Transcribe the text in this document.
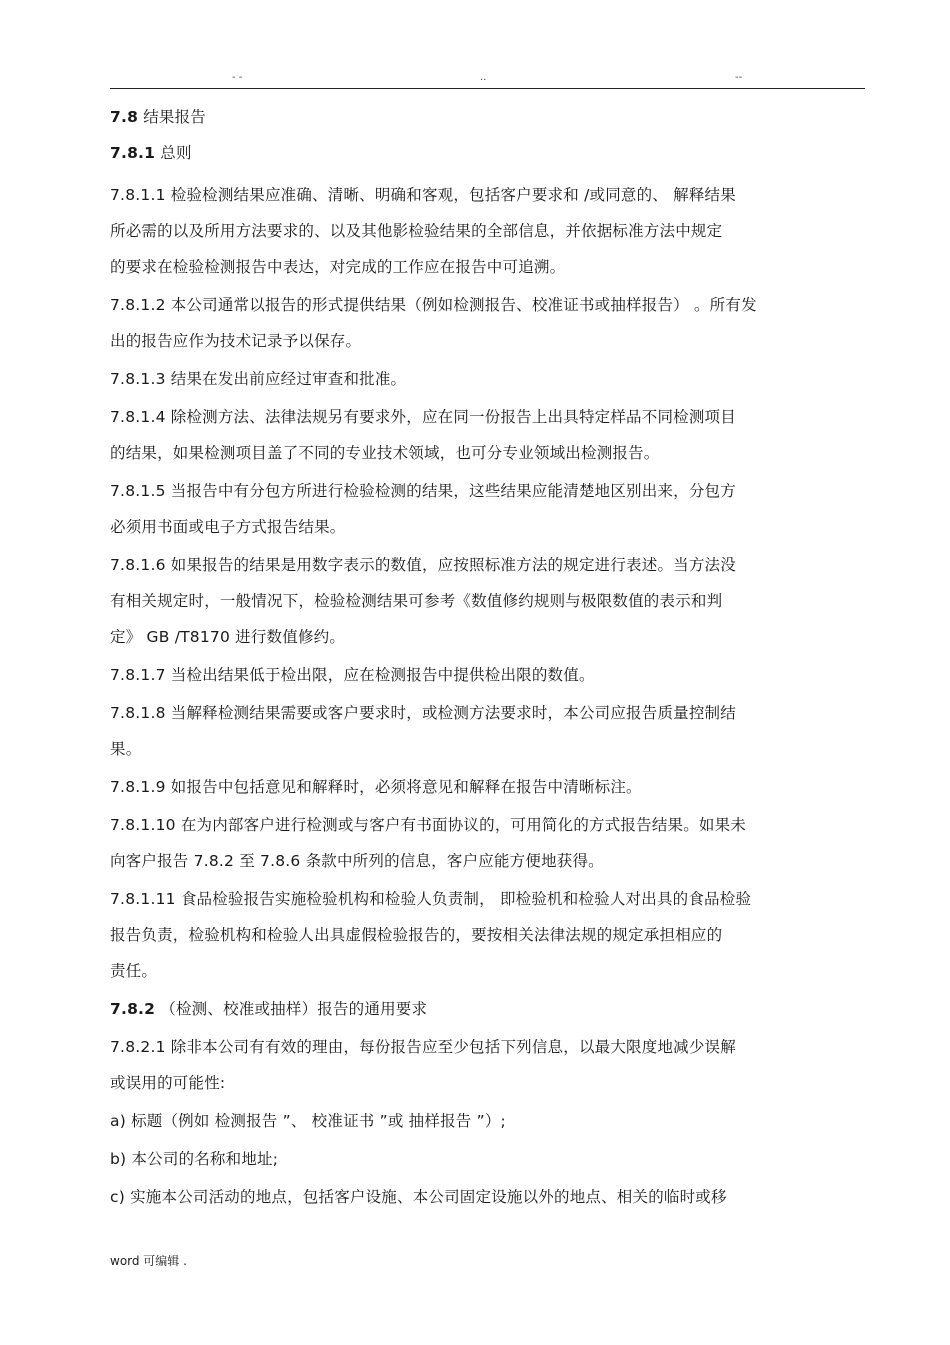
- -	..	--

7.8 结果报告

7.8.1 总则

7.8.1.1 检验检测结果应准确、清晰、明确和客观，包括客户要求和 /或同意的、 解释结果

所必需的以及所用方法要求的、以及其他影检验结果的全部信息，并依据标准方法中规定

的要求在检验检测报告中表达，对完成的工作应在报告中可追溯。

7.8.1.2 本公司通常以报告的形式提供结果（例如检测报告、校准证书或抽样报告） 。所有发

出的报告应作为技术记录予以保存。

7.8.1.3 结果在发出前应经过审查和批准。

7.8.1.4 除检测方法、法律法规另有要求外，应在同一份报告上出具特定样品不同检测项目

的结果，如果检测项目盖了不同的专业技术领域，也可分专业领域出检测报告。

7.8.1.5 当报告中有分包方所进行检验检测的结果，这些结果应能清楚地区别出来，分包方

必须用书面或电子方式报告结果。

7.8.1.6 如果报告的结果是用数字表示的数值，应按照标准方法的规定进行表述。当方法没

有相关规定时，一般情况下，检验检测结果可参考《数值修约规则与极限数值的表示和判

定》 GB /T8170 进行数值修约。

7.8.1.7 当检出结果低于检出限，应在检测报告中提供检出限的数值。

7.8.1.8 当解释检测结果需要或客户要求时，或检测方法要求时，本公司应报告质量控制结

果。

7.8.1.9 如报告中包括意见和解释时，必须将意见和解释在报告中清晰标注。

7.8.1.10 在为内部客户进行检测或与客户有书面协议的，可用简化的方式报告结果。如果未

向客户报告 7.8.2 至 7.8.6 条款中所列的信息，客户应能方便地获得。

7.8.1.11 食品检验报告实施检验机构和检验人负责制， 即检验机和检验人对出具的食品检验

报告负责，检验机构和检验人出具虚假检验报告的，要按相关法律法规的规定承担相应的

责任。

7.8.2 （检测、校准或抽样）报告的通用要求

7.8.2.1 除非本公司有有效的理由，每份报告应至少包括下列信息，以最大限度地减少误解

或误用的可能性:

a) 标题（例如 检测报告 ”、 校准证书 ”或 抽样报告 ”）;

b) 本公司的名称和地址;

c) 实施本公司活动的地点，包括客户设施、本公司固定设施以外的地点、相关的临时或移

word 可编辑 .
